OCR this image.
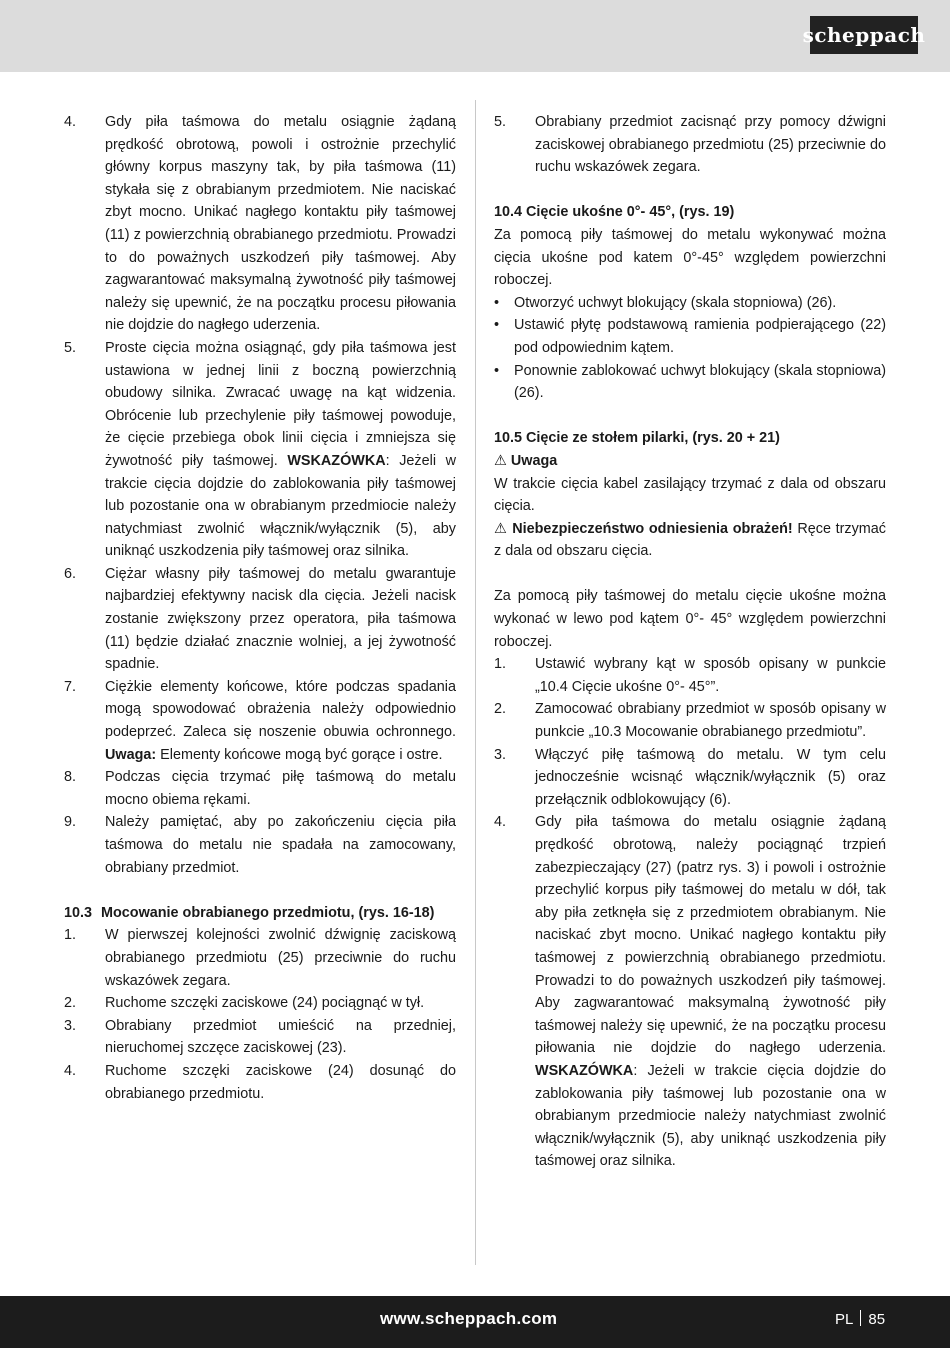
scheppach
4.	Gdy piła taśmowa do metalu osiągnie żądaną prędkość obrotową, powoli i ostrożnie przechylić główny korpus maszyny tak, by piła taśmowa (11) stykała się z obrabianym przedmiotem. Nie naciskać zbyt mocno. Unikać nagłego kontaktu piły taśmowej (11) z powierzchnią obrabianego przedmiotu. Prowadzi to do poważnych uszkodzeń piły taśmowej. Aby zagwarantować maksymalną żywotność piły taśmowej należy się upewnić, że na początku procesu piłowania nie dojdzie do nagłego uderzenia.
5.	Proste cięcia można osiągnąć, gdy piła taśmowa jest ustawiona w jednej linii z boczną powierzchnią obudowy silnika. Zwracać uwagę na kąt widzenia. Obrócenie lub przechylenie piły taśmowej powoduje, że cięcie przebiega obok linii cięcia i zmniejsza się żywotność piły taśmowej. WSKAZÓWKA: Jeżeli w trakcie cięcia dojdzie do zablokowania piły taśmowej lub pozostanie ona w obrabianym przedmiocie należy natychmiast zwolnić włącznik/wyłącznik (5), aby uniknąć uszkodzenia piły taśmowej oraz silnika.
6.	Ciężar własny piły taśmowej do metalu gwarantuje najbardziej efektywny nacisk dla cięcia. Jeżeli nacisk zostanie zwiększony przez operatora, piła taśmowa (11) będzie działać znacznie wolniej, a jej żywotność spadnie.
7.	Ciężkie elementy końcowe, które podczas spadania mogą spowodować obrażenia należy odpowiednio podeprzeć. Zaleca się noszenie obuwia ochronnego. Uwaga: Elementy końcowe mogą być gorące i ostre.
8.	Podczas cięcia trzymać piłę taśmową do metalu mocno obiema rękami.
9.	Należy pamiętać, aby po zakończeniu cięcia piła taśmowa do metalu nie spadała na zamocowany, obrabiany przedmiot.
10.3 Mocowanie obrabianego przedmiotu, (rys. 16-18)
1.	W pierwszej kolejności zwolnić dźwignię zaciskową obrabianego przedmiotu (25) przeciwnie do ruchu wskazówek zegara.
2.	Ruchome szczęki zaciskowe (24) pociągnąć w tył.
3.	Obrabiany przedmiot umieścić na przedniej, nieruchomej szczęce zaciskowej (23).
4.	Ruchome szczęki zaciskowe (24) dosunąć do obrabianego przedmiotu.
5.	Obrabiany przedmiot zacisnąć przy pomocy dźwigni zaciskowej obrabianego przedmiotu (25) przeciwnie do ruchu wskazówek zegara.
10.4 Cięcie ukośne 0°- 45°, (rys. 19)
Za pomocą piły taśmowej do metalu wykonywać można cięcia ukośne pod katem 0°-45° względem powierzchni roboczej.
•	Otworzyć uchwyt blokujący (skala stopniowa) (26).
•	Ustawić płytę podstawową ramienia podpierającego (22) pod odpowiednim kątem.
•	Ponownie zablokować uchwyt blokujący (skala stopniowa) (26).
10.5 Cięcie ze stołem pilarki, (rys. 20 + 21)
⚠ Uwaga
W trakcie cięcia kabel zasilający trzymać z dala od obszaru cięcia.
⚠ Niebezpieczeństwo odniesienia obrażeń! Ręce trzymać z dala od obszaru cięcia.
Za pomocą piły taśmowej do metalu cięcie ukośne można wykonać w lewo pod kątem 0°- 45° względem powierzchni roboczej.
1.	Ustawić wybrany kąt w sposób opisany w punkcie „10.4 Cięcie ukośne 0°- 45°”.
2.	Zamocować obrabiany przedmiot w sposób opisany w punkcie „10.3 Mocowanie obrabianego przedmiotu”.
3.	Włączyć piłę taśmową do metalu. W tym celu jednocześnie wcisnąć włącznik/wyłącznik (5) oraz przełącznik odblokowujący (6).
4.	Gdy piła taśmowa do metalu osiągnie żądaną prędkość obrotową, należy pociągnąć trzpień zabezpieczający (27) (patrz rys. 3) i powoli i ostrożnie przechylić korpus piły taśmowej do metalu w dół, tak aby piła zetknęła się z przedmiotem obrabianym. Nie naciskać zbyt mocno. Unikać nagłego kontaktu piły taśmowej z powierzchnią obrabianego przedmiotu. Prowadzi to do poważnych uszkodzeń piły taśmowej. Aby zagwarantować maksymalną żywotność piły taśmowej należy się upewnić, że na początku procesu piłowania nie dojdzie do nagłego uderzenia. WSKAZÓWKA: Jeżeli w trakcie cięcia dojdzie do zablokowania piły taśmowej lub pozostanie ona w obrabianym przedmiocie należy natychmiast zwolnić włącznik/wyłącznik (5), aby uniknąć uszkodzenia piły taśmowej oraz silnika.
www.scheppach.com	PL 85
